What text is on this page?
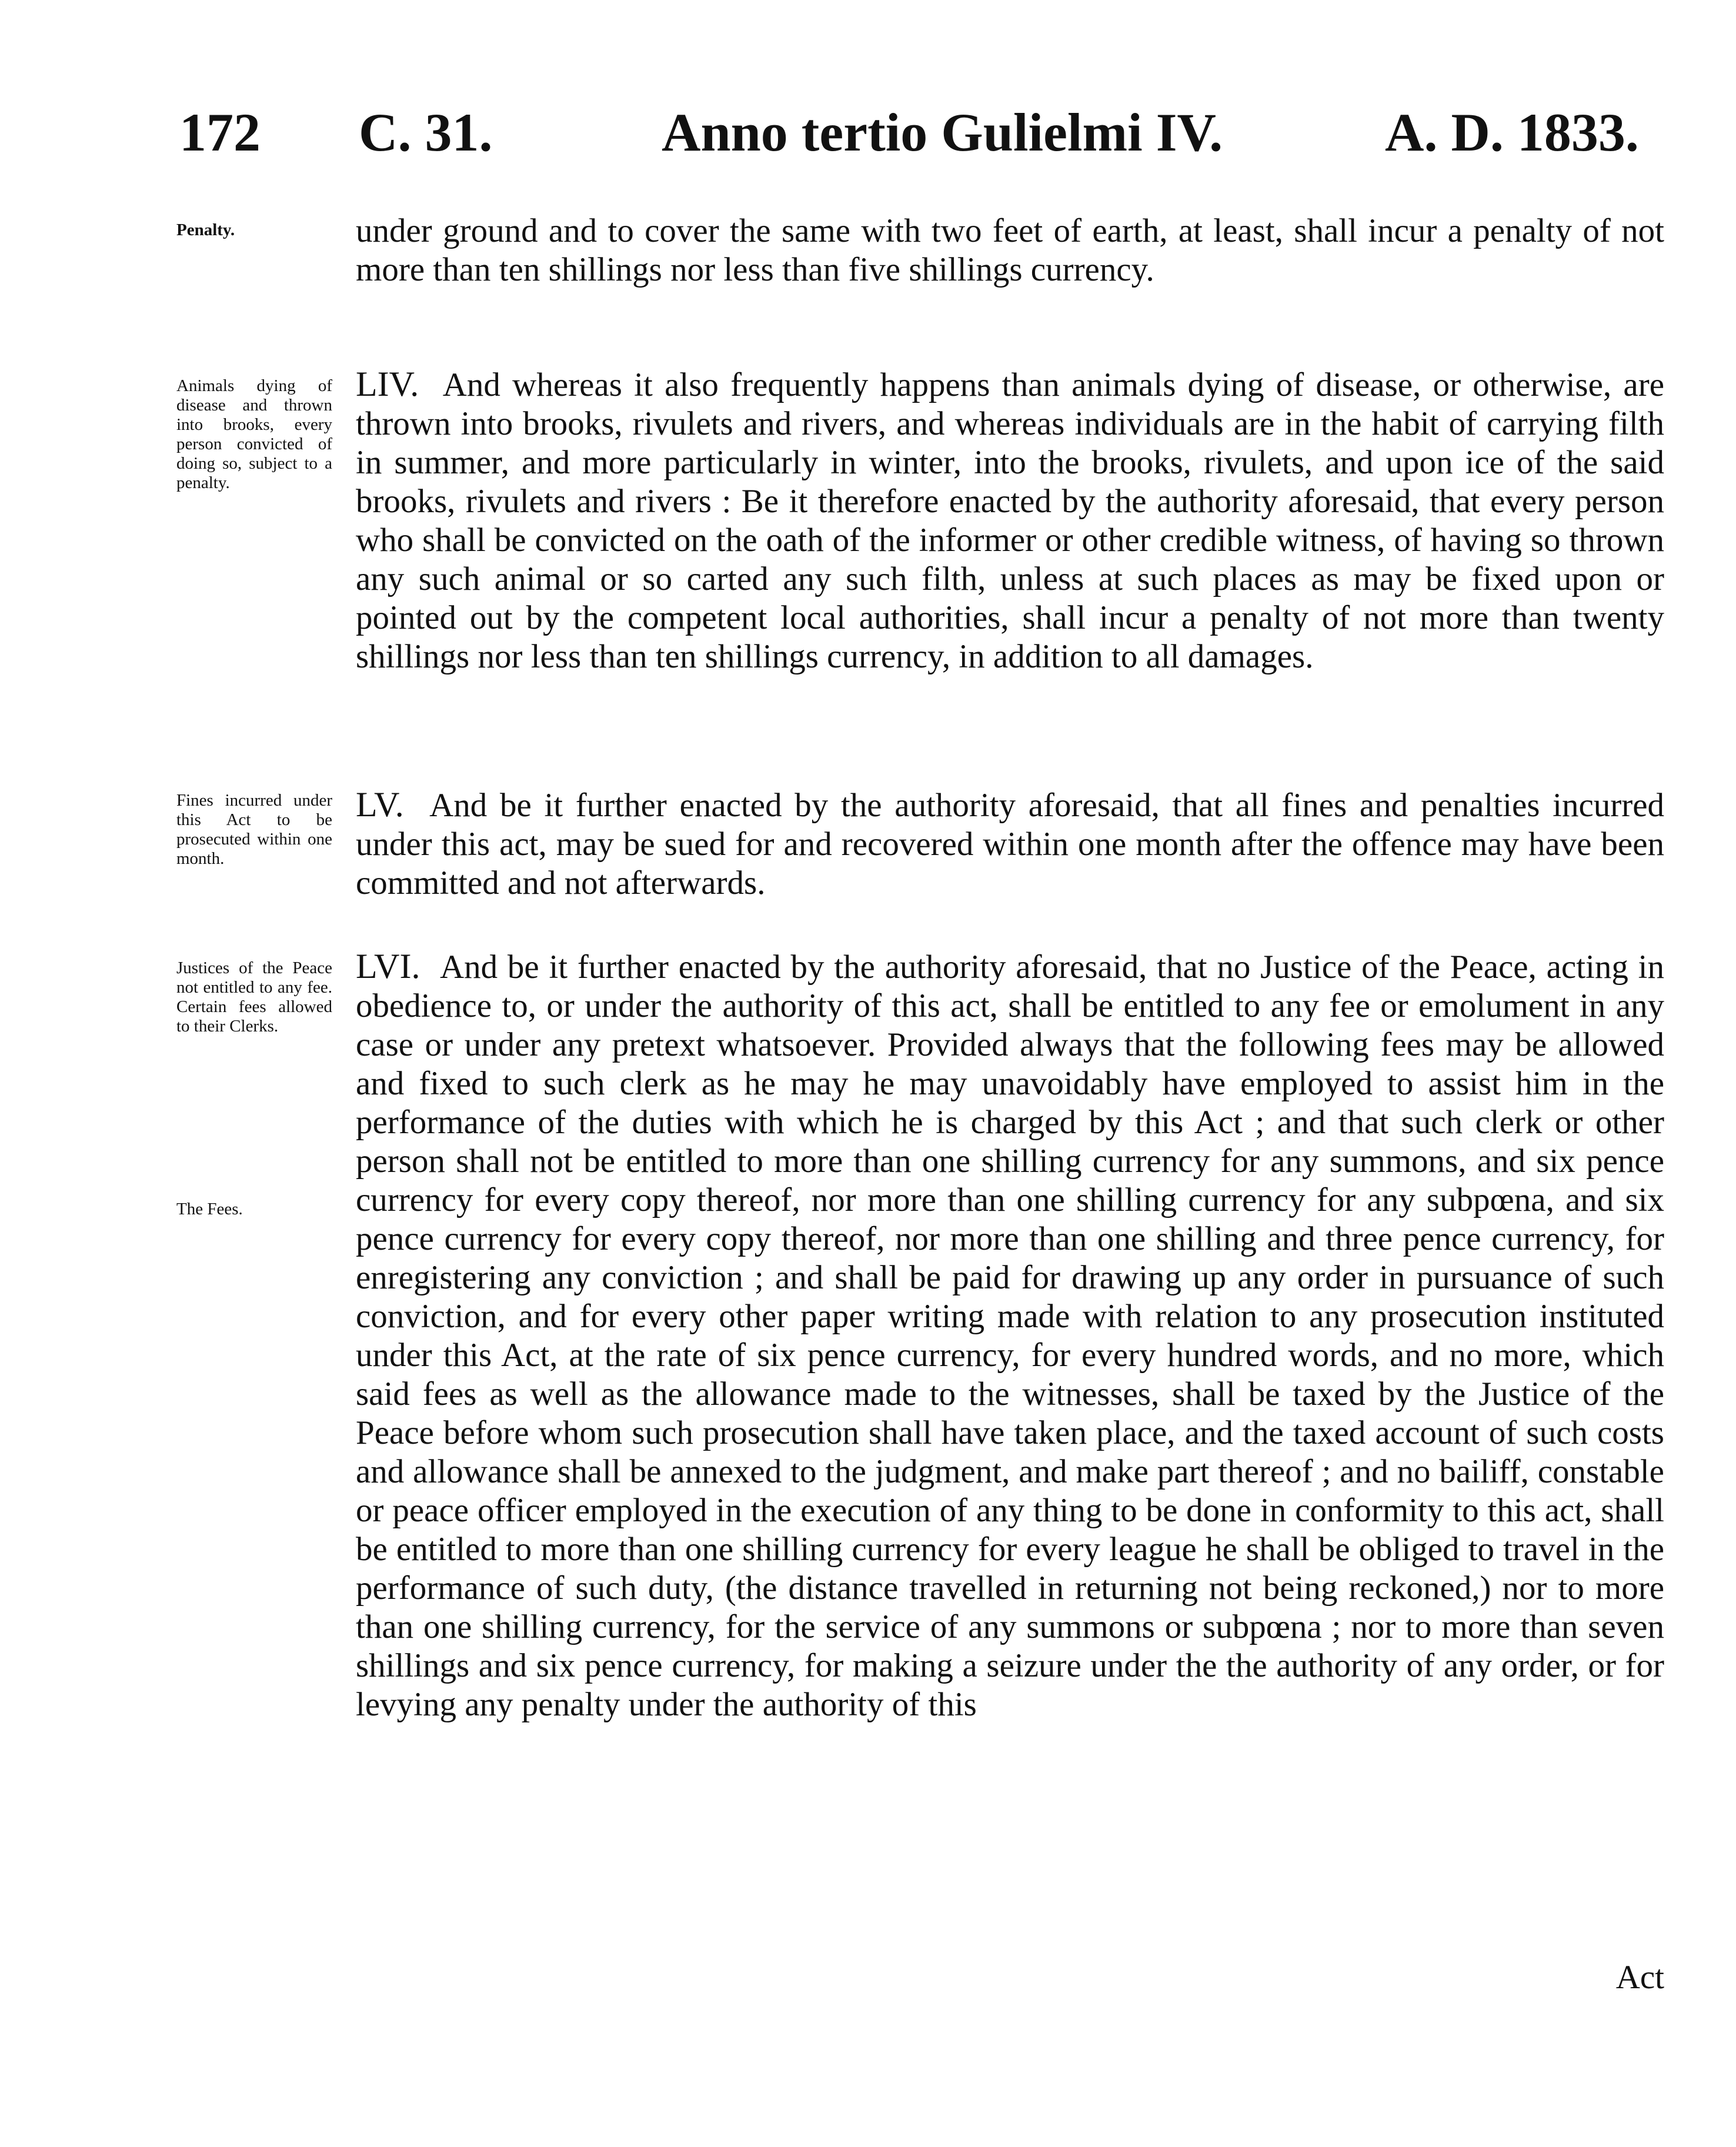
172 C. 31.	Anno tertio Gulielmi IV.	A. D. 1833.
Penalty.	under ground and to cover the same with two feet of earth, at least, shall incur a penalty of not more than ten shillings nor less than five shillings currency.

Animals dying of disease and thrown into brooks, every person convicted of doing so, subject to a penalty.

LIV. And whereas it also frequently happens than animals dying of disease, or otherwise, are thrown into brooks, rivulets and rivers, and whereas individuals are in the habit of carrying filth in summer, and more particularly in winter, into the brooks, rivulets, and upon ice of the said brooks, rivulets and rivers : Be it therefore enacted by the authority aforesaid, that every person who shall be convicted on the oath of the informer or other credible witness, of having so thrown any such animal or so carted any such filth, unless at such places as may be fixed upon or pointed out by the competent local authorities, shall incur a penalty of not more than twenty shillings nor less than ten shillings currency, in addition to all damages.

Fines incurred under this Act to be prosecuted within one month.

LV. And be it further enacted by the authority aforesaid, that all fines and penalties incurred under this act, may be sued for and recovered within one month after the offence may have been committed and not afterwards.

Justices of the Peace not entitled to any fee. Certain fees allowed to their Clerks.
The Fees.

LVI. And be it further enacted by the authority aforesaid, that no Justice of the Peace, acting in obedience to, or under the authority of this act, shall be entitled to any fee or emolument in any case or under any pretext whatsoever. Provided always that the following fees may be allowed and fixed to such clerk as he may he may unavoidably have employed to assist him in the performance of the duties with which he is charged by this Act ; and that such clerk or other person shall not be entitled to more than one shilling currency for any summons, and six pence currency for every copy thereof, nor more than one shilling currency for any subpœna, and six pence currency for every copy thereof, nor more than one shilling and three pence currency, for enregistering any conviction ; and shall be paid for drawing up any order in pursuance of such conviction, and for every other paper writing made with relation to any prosecution instituted under this Act, at the rate of six pence currency, for every hundred words, and no more, which said fees as well as the allowance made to the witnesses, shall be taxed by the Justice of the Peace before whom such prosecution shall have taken place, and the taxed account of such costs and allowance shall be annexed to the judgment, and make part thereof ; and no bailiff, constable or peace officer employed in the execution of any thing to be done in conformity to this act, shall be entitled to more than one shilling currency for every league he shall be obliged to travel in the performance of such duty, (the distance travelled in returning not being reckoned,) nor to more than one shilling currency, for the service of any summons or subpœna ; nor to more than seven shillings and six pence currency, for making a seizure under the the authority of any order, or for levying any penalty under the authority of this

Act
